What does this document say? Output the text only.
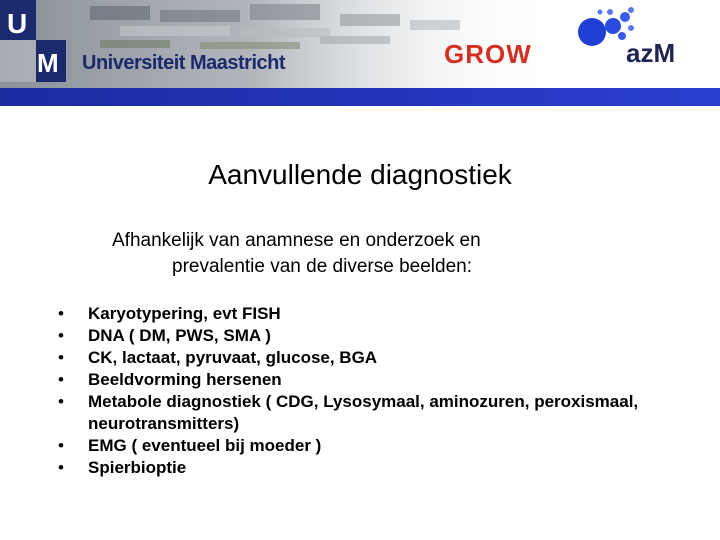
U
M Universiteit Maastricht	GROW	azM
Aanvullende diagnostiek
Afhankelijk van anamnese en onderzoek en
prevalentie van de diverse beelden:
• Karyotypering, evt FISH
• DNA ( DM, PWS, SMA )
• CK, lactaat, pyruvaat, glucose, BGA
• Beeldvorming hersenen
• Metabole diagnostiek ( CDG, Lysosymaal, aminozuren, peroxismaal, neurotransmitters)
• EMG ( eventueel bij moeder )
• Spierbioptie
